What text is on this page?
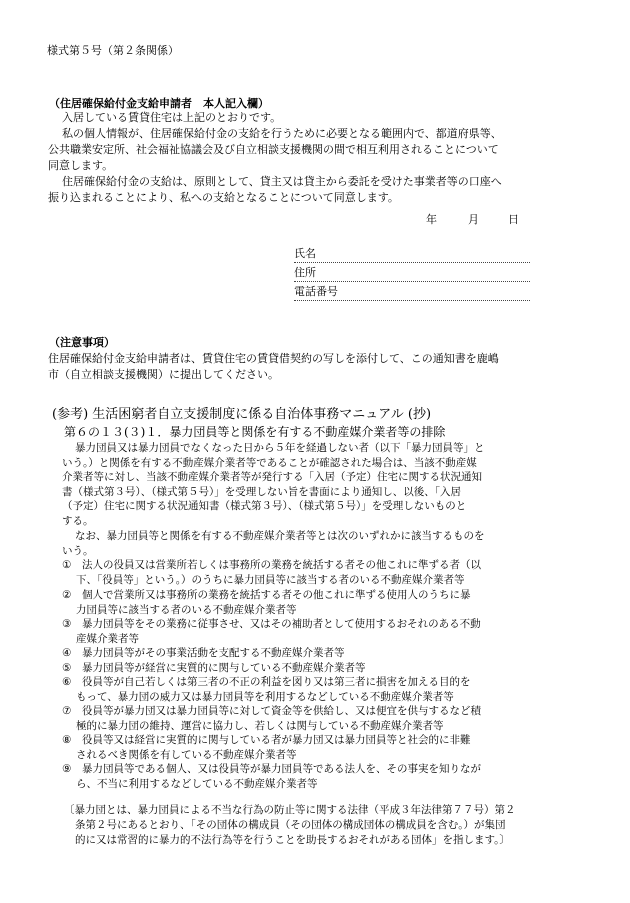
様式第５号（第２条関係）
（住居確保給付金支給申請者　本人記入欄）
入居している賃貸住宅は上記のとおりです。
私の個人情報が、住居確保給付金の支給を行うために必要となる範囲内で、都道府県等、
公共職業安定所、社会福祉協議会及び自立相談支援機関の間で相互利用されることについて
同意します。
住居確保給付金の支給は、原則として、貸主又は貸主から委託を受けた事業者等の口座へ
振り込まれることにより、私への支給となることについて同意します。
年	月	日
氏名
住所
電話番号
（注意事項）
住居確保給付金支給申請者は、賃貸住宅の賃貸借契約の写しを添付して、この通知書を鹿嶋
市（自立相談支援機関）に提出してください。
(参考) 生活困窮者自立支援制度に係る自治体事務マニュアル (抄)
第６の１３(３)１．暴力団員等と関係を有する不動産媒介業者等の排除
暴力団員又は暴力団員でなくなった日から５年を経過しない者（以下「暴力団員等」と
いう。）と関係を有する不動産媒介業者等であることが確認された場合は、当該不動産媒
介業者等に対し、当該不動産媒介業者等が発行する「入居（予定）住宅に関する状況通知
書（様式第３号）、（様式第５号）」を受理しない旨を書面により通知し、以後、「入居
（予定）住宅に関する状況通知書（様式第３号）、（様式第５号）」を受理しないものと
する。
なお、暴力団員等と関係を有する不動産媒介業者等とは次のいずれかに該当するものを
いう。
① 法人の役員又は営業所若しくは事務所の業務を統括する者その他これに準ずる者（以
下、「役員等」という。）のうちに暴力団員等に該当する者のいる不動産媒介業者等
② 個人で営業所又は事務所の業務を統括する者その他これに準ずる使用人のうちに暴
力団員等に該当する者のいる不動産媒介業者等
③ 暴力団員等をその業務に従事させ、又はその補助者として使用するおそれのある不動
産媒介業者等
④ 暴力団員等がその事業活動を支配する不動産媒介業者等
⑤ 暴力団員等が経営に実質的に関与している不動産媒介業者等
⑥ 役員等が自己若しくは第三者の不正の利益を図り又は第三者に損害を加える目的を
もって、暴力団の威力又は暴力団員等を利用するなどしている不動産媒介業者等
⑦ 役員等が暴力団又は暴力団員等に対して資金等を供給し、又は便宜を供与するなど積
極的に暴力団の維持、運営に協力し、若しくは関与している不動産媒介業者等
⑧ 役員等又は経営に実質的に関与している者が暴力団又は暴力団員等と社会的に非難
されるべき関係を有している不動産媒介業者等
⑨ 暴力団員等である個人、又は役員等が暴力団員等である法人を、その事実を知りなが
ら、不当に利用するなどしている不動産媒介業者等
〔暴力団とは、暴力団員による不当な行為の防止等に関する法律（平成３年法律第７７号）第２
条第２号にあるとおり、「その団体の構成員（その団体の構成団体の構成員を含む。）が集団
的に又は常習的に暴力的不法行為等を行うことを助長するおそれがある団体」を指します。〕
